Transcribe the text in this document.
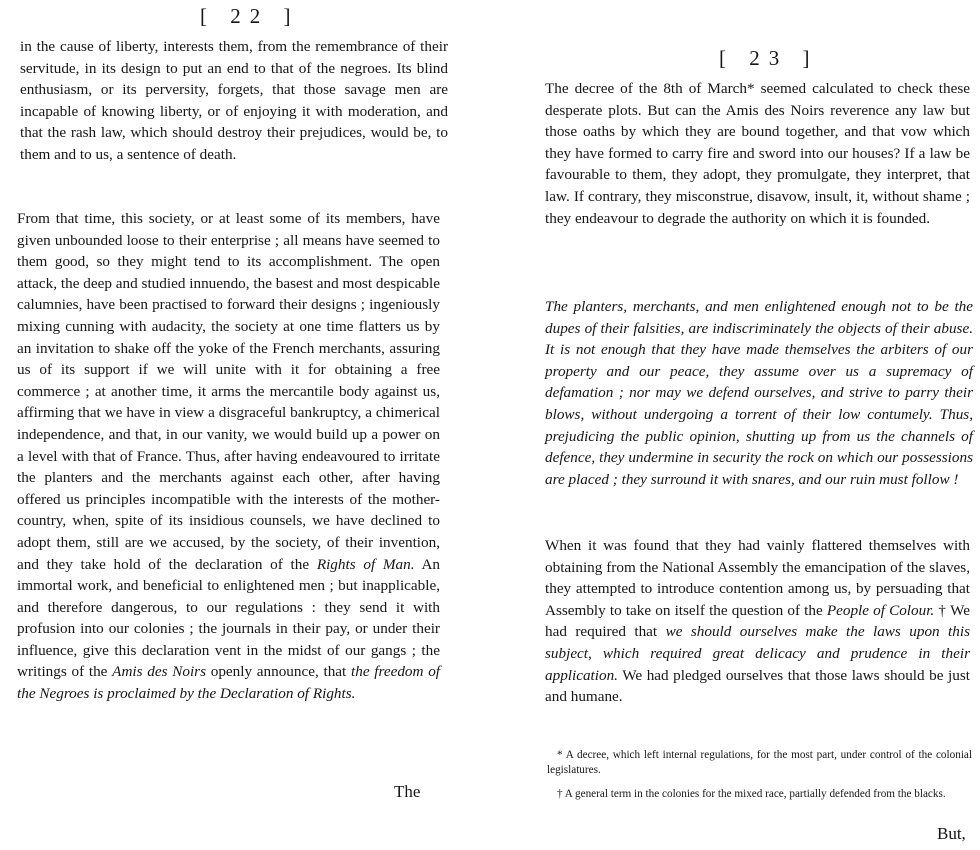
[ 22 ]

in the cause of liberty, interests them, from the remembrance of their servitude, in its design to put an end to that of the negroes. Its blind enthusiasm, or its perversity, forgets, that those savage men are incapable of knowing liberty, or of enjoying it with moderation, and that the rash law, which should destroy their prejudices, would be, to them and to us, a sentence of death.

From that time, this society, or at least some of its members, have given unbounded loose to their enterprise ; all means have seemed to them good, so they might tend to its accomplishment. The open attack, the deep and studied innuendo, the basest and most despicable calumnies, have been practised to forward their designs ; ingeniously mixing cunning with audacity, the society at one time flatters us by an invitation to shake off the yoke of the French merchants, assuring us of its support if we will unite with it for obtaining a free commerce ; at another time, it arms the mercantile body against us, affirming that we have in view a disgraceful bankruptcy, a chimerical independence, and that, in our vanity, we would build up a power on a level with that of France. Thus, after having endeavoured to irritate the planters and the merchants against each other, after having offered us principles incompatible with the interests of the mother-country, when, spite of its insidious counsels, we have declined to adopt them, still are we accused, by the society, of their invention, and they take hold of the declaration of the Rights of Man. An immortal work, and beneficial to enlightened men ; but inapplicable, and therefore dangerous, to our regulations : they send it with profusion into our colonies ; the journals in their pay, or under their influence, give this declaration vent in the midst of our gangs ; the writings of the Amis des Noirs openly announce, that the freedom of the Negroes is proclaimed by the Declaration of Rights.

The
[ 23 ]

The decree of the 8th of March* seemed calculated to check these desperate plots. But can the Amis des Noirs reverence any law but those oaths by which they are bound together, and that vow which they have formed to carry fire and sword into our houses? If a law be favourable to them, they adopt, they promulgate, they interpret, that law. If contrary, they misconstrue, disavow, insult, it, without shame ; they endeavour to degrade the authority on which it is founded.

The planters, merchants, and men enlightened enough not to be the dupes of their falsities, are indiscriminately the objects of their abuse. It is not enough that they have made themselves the arbiters of our property and our peace, they assume over us a supremacy of defamation ; nor may we defend ourselves, and strive to parry their blows, without undergoing a torrent of their low contumely. Thus, prejudicing the public opinion, shutting up from us the channels of defence, they undermine in security the rock on which our possessions are placed ; they surround it with snares, and our ruin must follow !

When it was found that they had vainly flattered themselves with obtaining from the National Assembly the emancipation of the slaves, they attempted to introduce contention among us, by persuading that Assembly to take on itself the question of the People of Colour. † We had required that we should ourselves make the laws upon this subject, which required great delicacy and prudence in their application. We had pledged ourselves that those laws should be just and humane.

* A decree, which left internal regulations, for the most part, under control of the colonial legislatures.

† A general term in the colonies for the mixed race, partially defended from the blacks.

But,
